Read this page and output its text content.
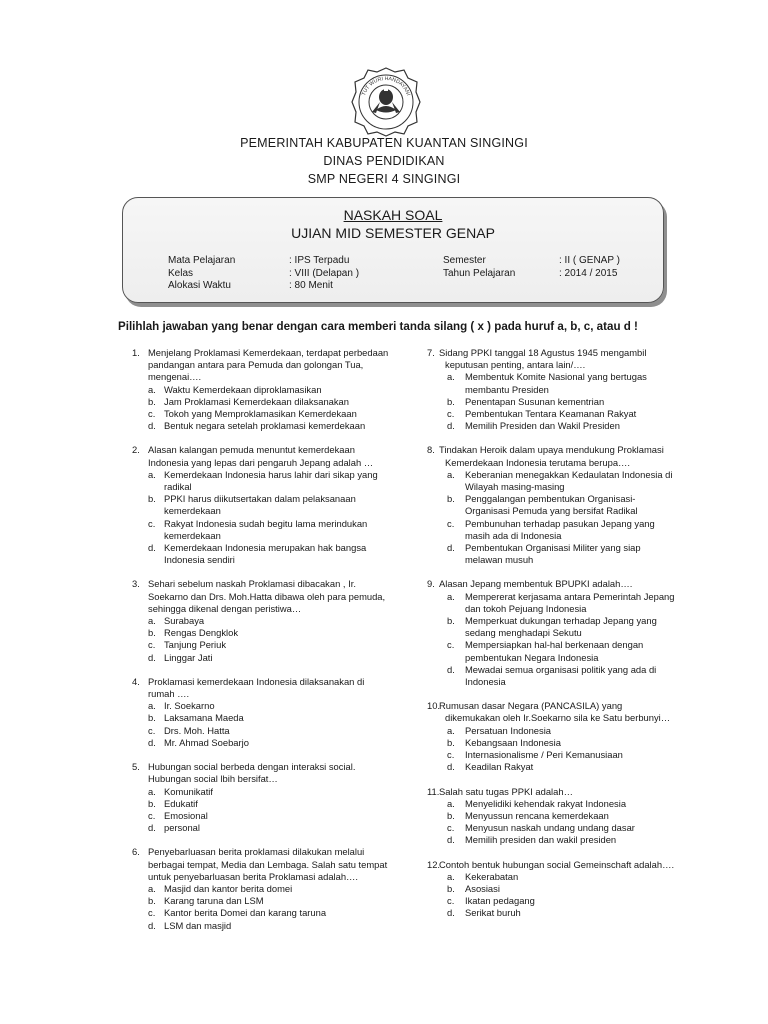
TUT WURI HANDAYANI
PEMERINTAH KABUPATEN KUANTAN SINGINGI
DINAS PENDIDIKAN
SMP NEGERI 4 SINGINGI
NASKAH SOAL
UJIAN MID SEMESTER GENAP
Mata Pelajaran
Kelas
Alokasi Waktu
: IPS Terpadu
: VIII (Delapan )
: 80 Menit
Semester
Tahun Pelajaran
: II ( GENAP )
: 2014 / 2015
Pilihlah jawaban yang benar dengan cara memberi tanda silang ( x ) pada huruf a, b, c, atau d !
1. Menjelang Proklamasi Kemerdekaan, terdapat perbedaan
pandangan antara para Pemuda dan golongan Tua,
mengenai….
a. Waktu Kemerdekaan diproklamasikan
b. Jam Proklamasi Kemerdekaan dilaksanakan
c. Tokoh yang Memproklamasikan Kemerdekaan
d. Bentuk negara setelah proklamasi kemerdekaan
2. Alasan kalangan pemuda menuntut kemerdekaan
Indonesia yang lepas dari pengaruh Jepang adalah …
a. Kemerdekaan Indonesia harus lahir dari sikap yang
radikal
b. PPKI harus diikutsertakan dalam pelaksanaan
kemerdekaan
c. Rakyat Indonesia sudah begitu lama merindukan
kemerdekaan
d. Kemerdekaan Indonesia merupakan hak bangsa
Indonesia sendiri
3. Sehari sebelum naskah Proklamasi dibacakan , Ir.
Soekarno dan Drs. Moh.Hatta dibawa oleh para pemuda,
sehingga dikenal dengan peristiwa…
a. Surabaya
b. Rengas Dengklok
c. Tanjung Periuk
d. Linggar Jati
4. Proklamasi kemerdekaan Indonesia dilaksanakan di
rumah ….
a. Ir. Soekarno
b. Laksamana Maeda
c. Drs. Moh. Hatta
d. Mr. Ahmad Soebarjo
5. Hubungan social berbeda dengan interaksi social.
Hubungan social lbih bersifat…
a. Komunikatif
b. Edukatif
c. Emosional
d. personal
6. Penyebarluasan berita proklamasi dilakukan melalui
berbagai tempat, Media dan Lembaga. Salah satu tempat
untuk penyebarluasan berita Proklamasi adalah….
a. Masjid dan kantor berita domei
b. Karang taruna dan LSM
c. Kantor berita Domei dan karang taruna
d. LSM dan masjid
7. Sidang PPKI tanggal 18 Agustus 1945 mengambil
keputusan penting, antara lain/….
a. Membentuk Komite Nasional yang bertugas
membantu Presiden
b. Penentapan Susunan kementrian
c. Pembentukan Tentara Keamanan Rakyat
d. Memilih Presiden dan Wakil Presiden
8. Tindakan Heroik dalam upaya mendukung Proklamasi
Kemerdekaan Indonesia terutama berupa….
a. Keberanian menegakkan Kedaulatan Indonesia di
Wilayah masing-masing
b. Penggalangan pembentukan Organisasi-
Organisasi Pemuda yang bersifat Radikal
c. Pembunuhan terhadap pasukan Jepang yang
masih ada di Indonesia
d. Pembentukan Organisasi Militer yang siap
melawan musuh
9. Alasan Jepang membentuk BPUPKI adalah….
a. Mempererat kerjasama antara Pemerintah Jepang
dan tokoh Pejuang Indonesia
b. Memperkuat dukungan terhadap Jepang yang
sedang menghadapi Sekutu
c. Mempersiapkan hal-hal berkenaan dengan
pembentukan Negara Indonesia
d. Mewadai semua organisasi politik yang ada di
Indonesia
10.
Rumusan dasar Negara (PANCASILA) yang
dikemukakan oleh Ir.Soekarno sila ke Satu berbunyi…
a. Persatuan Indonesia
b. Kebangsaan Indonesia
c. Internasionalisme / Peri Kemanusiaan
d. Keadilan Rakyat
11. Salah satu tugas PPKI adalah…
a. Menyelidiki kehendak rakyat Indonesia
b. Menyussun rencana kemerdekaan
c. Menyusun naskah undang undang dasar
d. Memilih presiden dan wakil presiden
12.
Contoh bentuk hubungan social Gemeinschaft adalah….
a. Kekerabatan
b. Asosiasi
c. Ikatan pedagang
d. Serikat buruh
